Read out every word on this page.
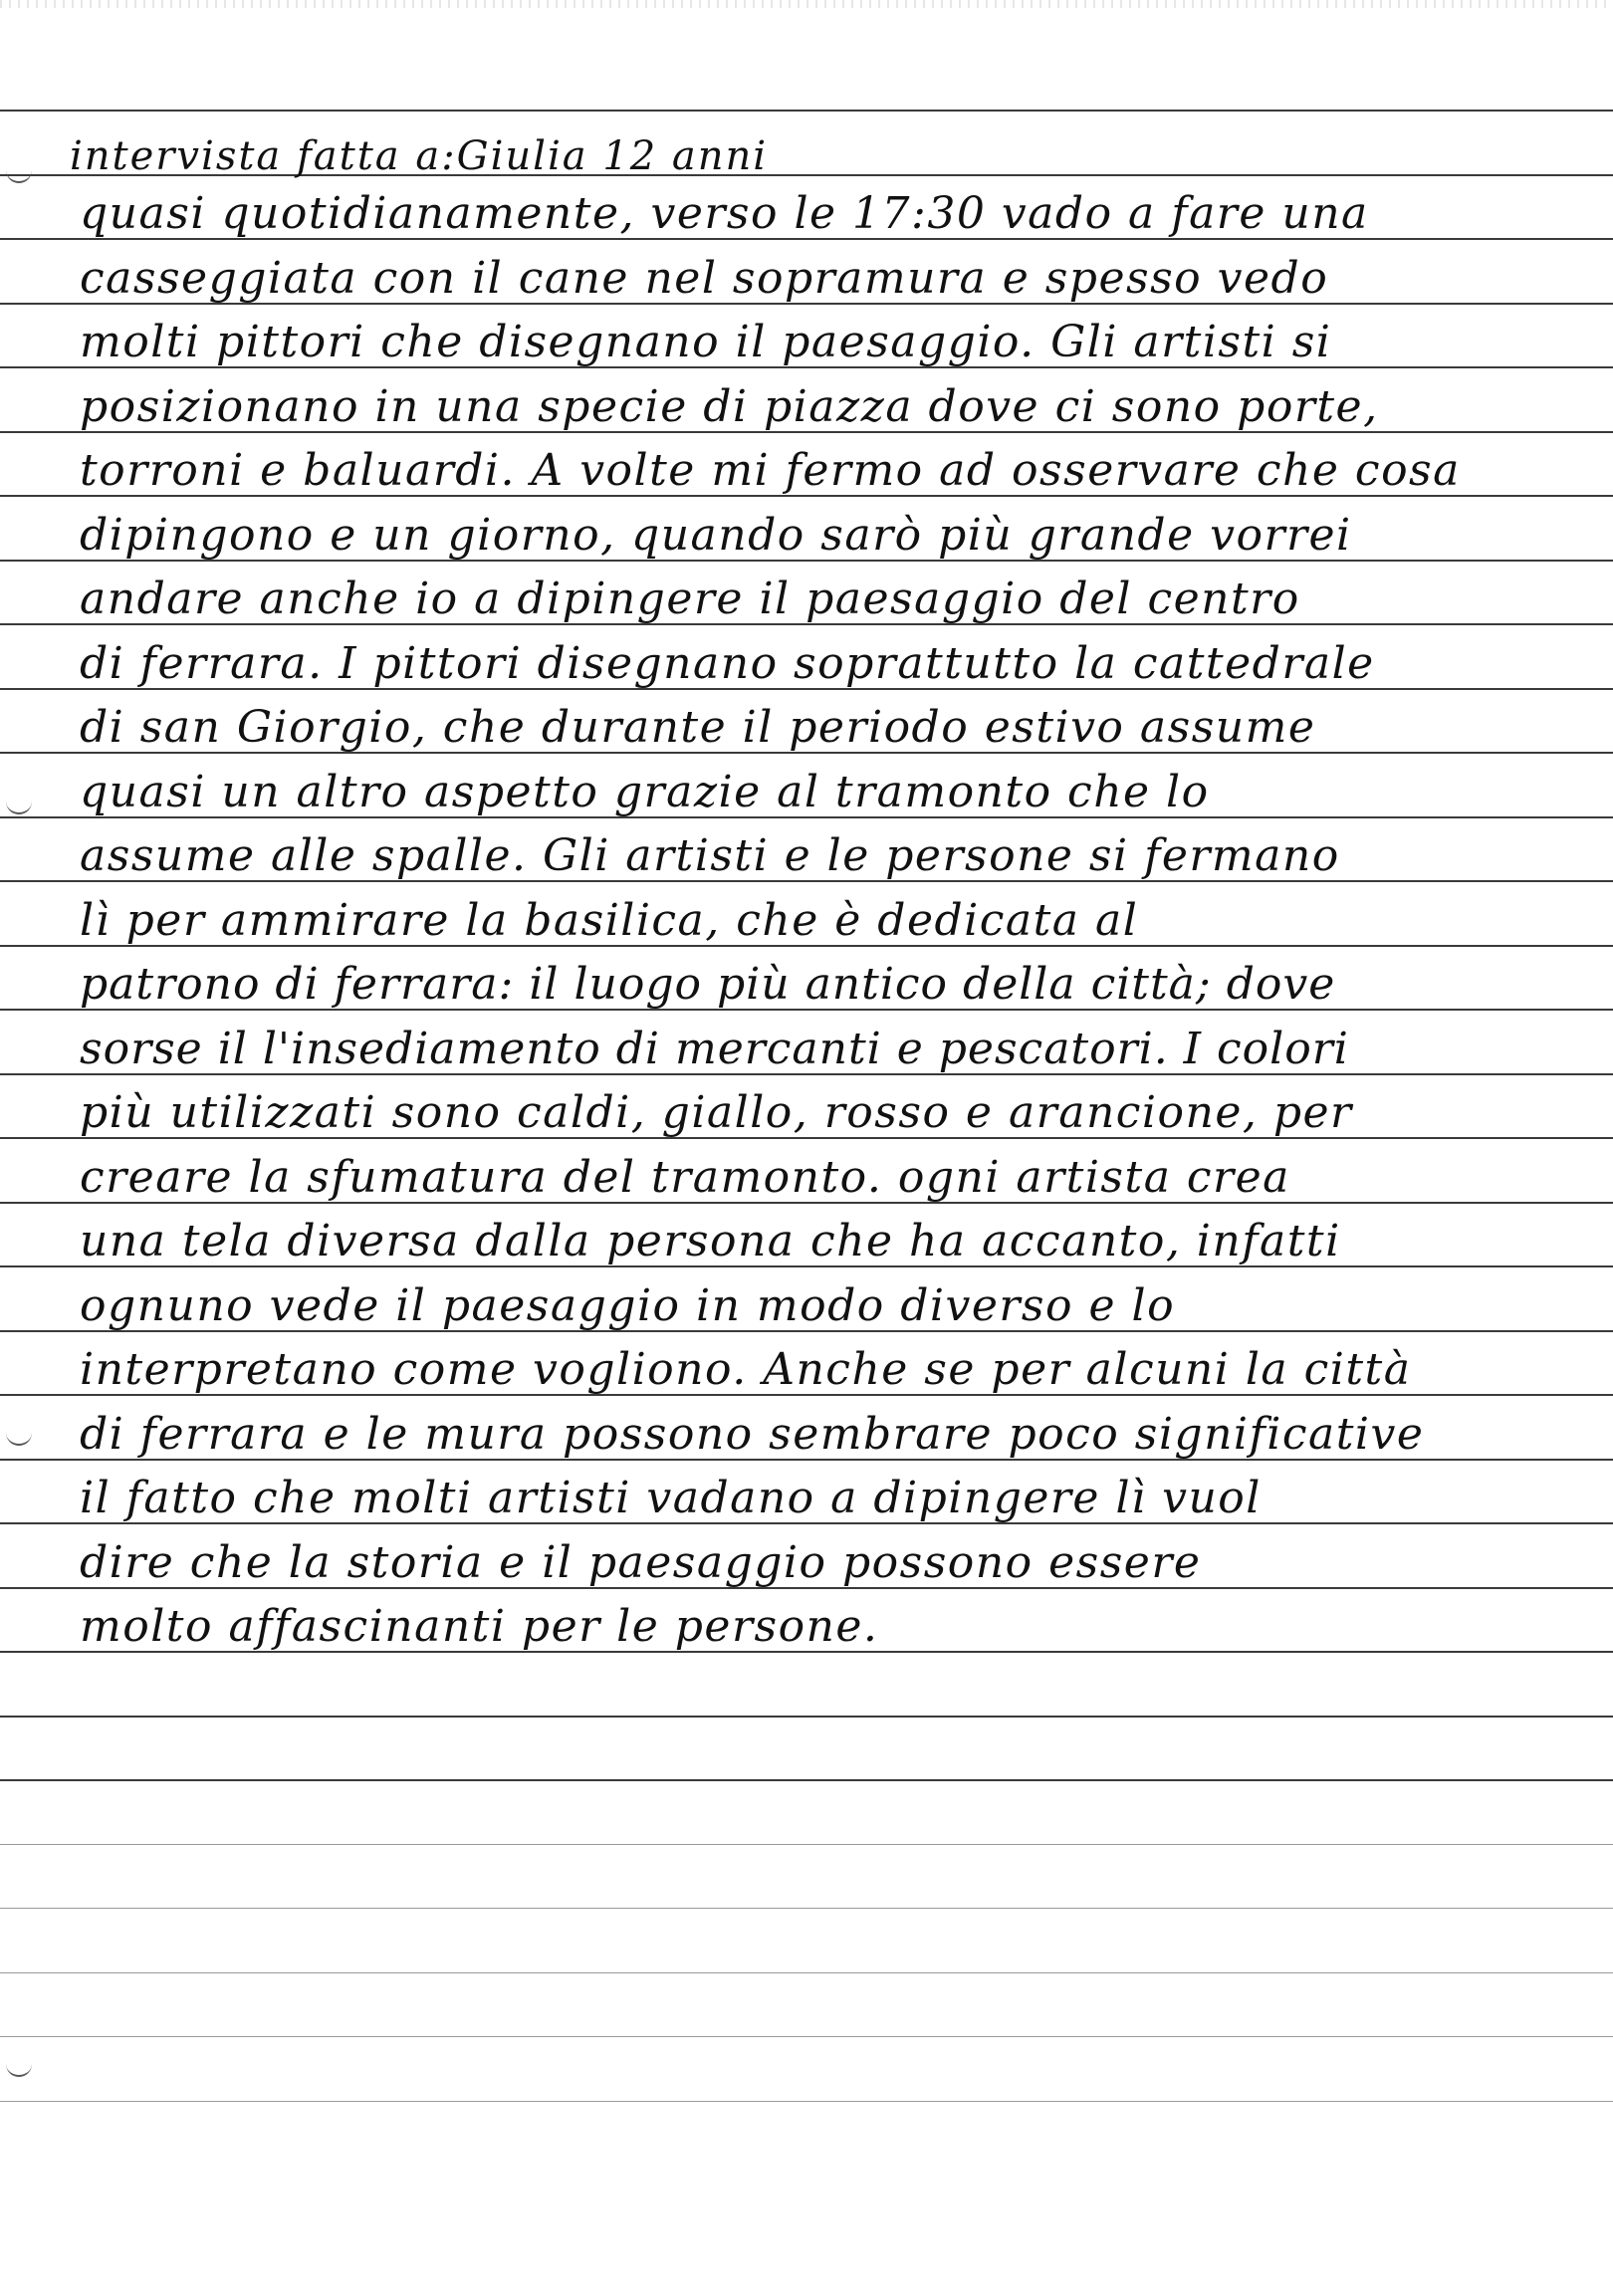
intervista fatta a:Giulia 12 anni
quasi quotidianamente, verso le 17:30 vado a fare una
casseggiata con il cane nel sopramura e spesso vedo
molti pittori che disegnano il paesaggio. Gli artisti si
posizionano in una specie di piazza dove ci sono porte,
torroni e baluardi. A volte mi fermo ad osservare che cosa
dipingono e un giorno, quando sarò più grande vorrei
andare anche io a dipingere il paesaggio del centro
di ferrara. I pittori disegnano soprattutto la cattedrale
di san Giorgio, che durante il periodo estivo assume
quasi un altro aspetto grazie al tramonto che lo
assume alle spalle. Gli artisti e le persone si fermano
lì per ammirare la basilica, che è dedicata al
patrono di ferrara: il luogo più antico della città; dove
sorse il l'insediamento di mercanti e pescatori. I colori
più utilizzati sono caldi, giallo, rosso e arancione, per
creare la sfumatura del tramonto. ogni artista crea
una tela diversa dalla persona che ha accanto, infatti
ognuno vede il paesaggio in modo diverso e lo
interpretano come vogliono. Anche se per alcuni la città
di ferrara e le mura possono sembrare poco significative
il fatto che molti artisti vadano a dipingere lì vuol
dire che la storia e il paesaggio possono essere
molto affascinanti per le persone.
